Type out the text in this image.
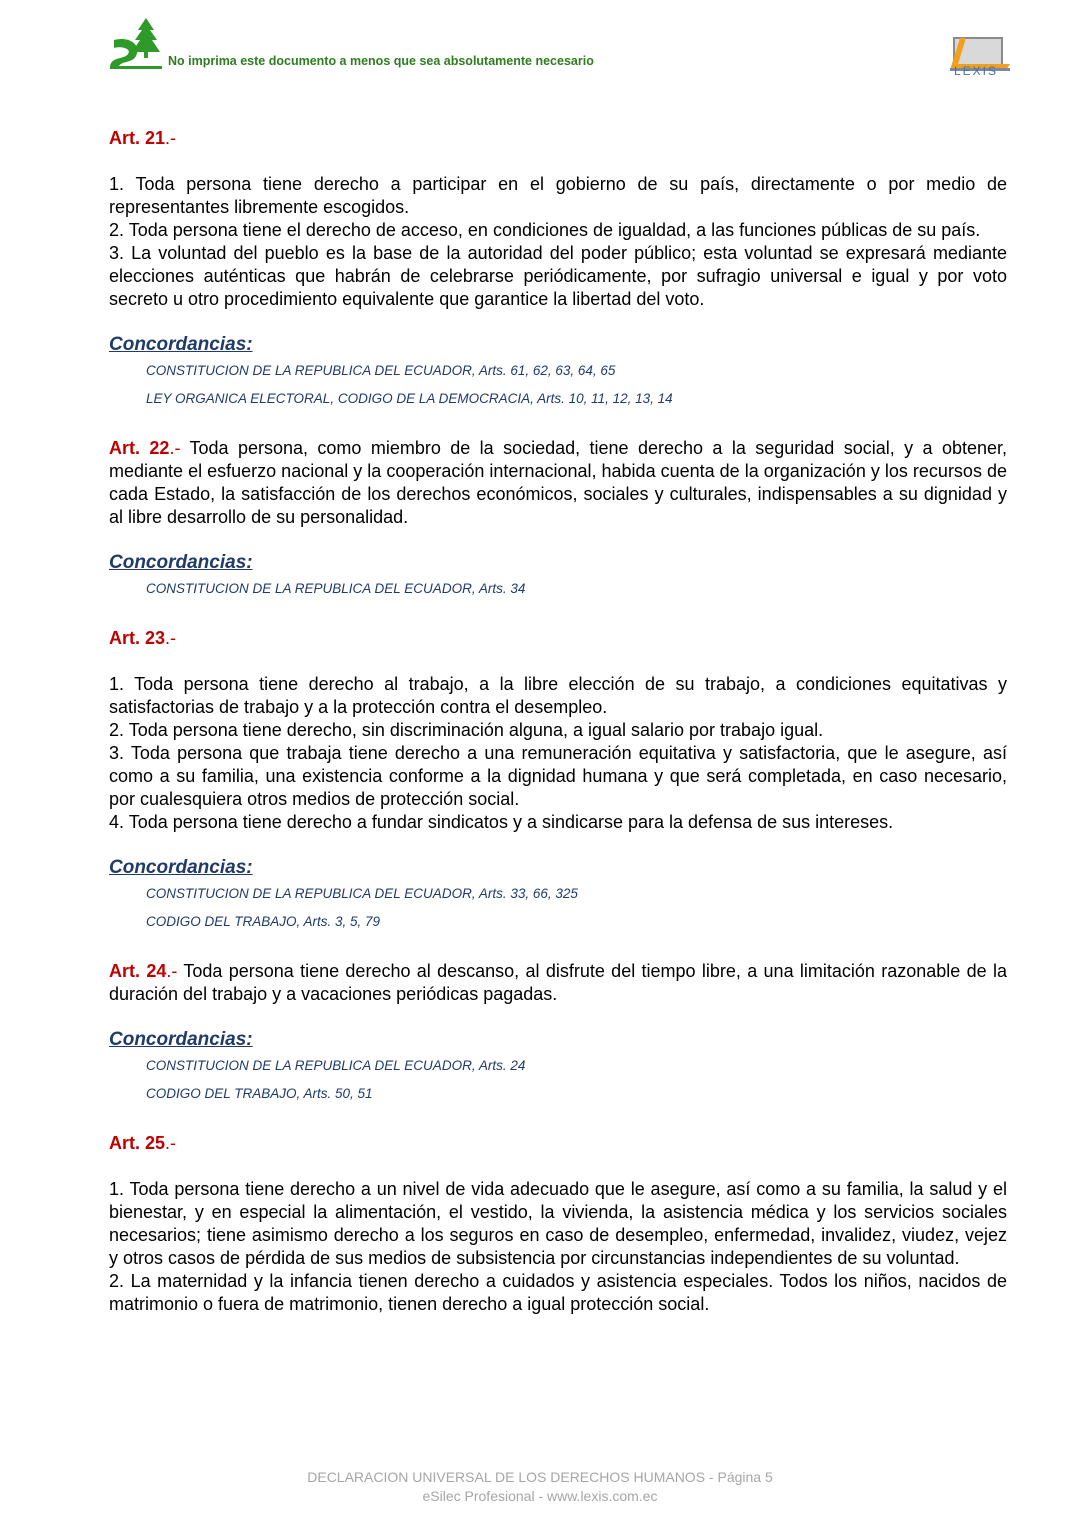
No imprima este documento a menos que sea absolutamente necesario
LEXIS

Art. 21.-

1. Toda persona tiene derecho a participar en el gobierno de su país, directamente o por medio de representantes libremente escogidos.

2. Toda persona tiene el derecho de acceso, en condiciones de igualdad, a las funciones públicas de su país.

3. La voluntad del pueblo es la base de la autoridad del poder público; esta voluntad se expresará mediante elecciones auténticas que habrán de celebrarse periódicamente, por sufragio universal e igual y por voto secreto u otro procedimiento equivalente que garantice la libertad del voto.

Concordancias:
CONSTITUCION DE LA REPUBLICA DEL ECUADOR, Arts. 61, 62, 63, 64, 65
LEY ORGANICA ELECTORAL, CODIGO DE LA DEMOCRACIA, Arts. 10, 11, 12, 13, 14

Art. 22.- Toda persona, como miembro de la sociedad, tiene derecho a la seguridad social, y a obtener, mediante el esfuerzo nacional y la cooperación internacional, habida cuenta de la organización y los recursos de cada Estado, la satisfacción de los derechos económicos, sociales y culturales, indispensables a su dignidad y al libre desarrollo de su personalidad.

Concordancias:
CONSTITUCION DE LA REPUBLICA DEL ECUADOR, Arts. 34

Art. 23.-

1. Toda persona tiene derecho al trabajo, a la libre elección de su trabajo, a condiciones equitativas y satisfactorias de trabajo y a la protección contra el desempleo.

2. Toda persona tiene derecho, sin discriminación alguna, a igual salario por trabajo igual.

3. Toda persona que trabaja tiene derecho a una remuneración equitativa y satisfactoria, que le asegure, así como a su familia, una existencia conforme a la dignidad humana y que será completada, en caso necesario, por cualesquiera otros medios de protección social.

4. Toda persona tiene derecho a fundar sindicatos y a sindicarse para la defensa de sus intereses.

Concordancias:
CONSTITUCION DE LA REPUBLICA DEL ECUADOR, Arts. 33, 66, 325
CODIGO DEL TRABAJO, Arts. 3, 5, 79

Art. 24.- Toda persona tiene derecho al descanso, al disfrute del tiempo libre, a una limitación razonable de la duración del trabajo y a vacaciones periódicas pagadas.

Concordancias:
CONSTITUCION DE LA REPUBLICA DEL ECUADOR, Arts. 24
CODIGO DEL TRABAJO, Arts. 50, 51

Art. 25.-

1. Toda persona tiene derecho a un nivel de vida adecuado que le asegure, así como a su familia, la salud y el bienestar, y en especial la alimentación, el vestido, la vivienda, la asistencia médica y los servicios sociales necesarios; tiene asimismo derecho a los seguros en caso de desempleo, enfermedad, invalidez, viudez, vejez y otros casos de pérdida de sus medios de subsistencia por circunstancias independientes de su voluntad.

2. La maternidad y la infancia tienen derecho a cuidados y asistencia especiales. Todos los niños, nacidos de matrimonio o fuera de matrimonio, tienen derecho a igual protección social.

DECLARACION UNIVERSAL DE LOS DERECHOS HUMANOS - Página 5
eSilec Profesional - www.lexis.com.ec
